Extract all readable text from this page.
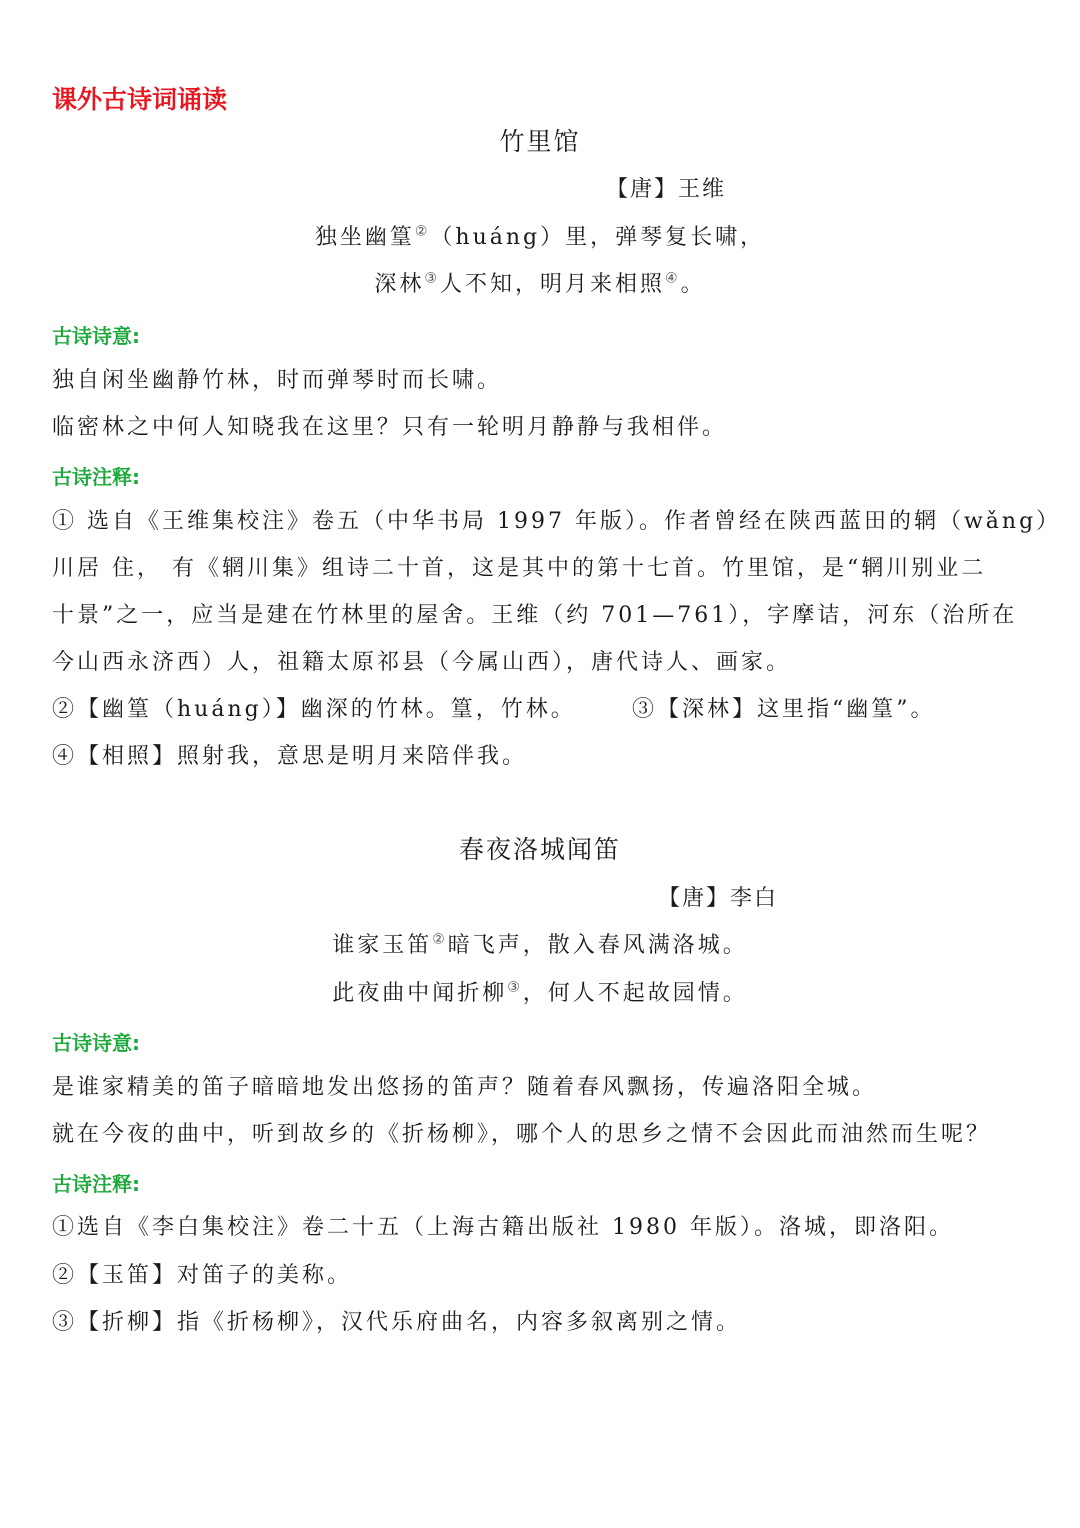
课外古诗词诵读
竹里馆
【唐】王维
独坐幽篁②（huáng）里，弹琴复长啸，
深林③人不知，明月来相照④。
古诗诗意:
独自闲坐幽静竹林，时而弹琴时而长啸。
临密林之中何人知晓我在这里？只有一轮明月静静与我相伴。
古诗注释:
① 选自《王维集校注》卷五（中华书局 1997 年版）。作者曾经在陕西蓝田的辋（wǎng）
川居 住， 有《辋川集》组诗二十首，这是其中的第十七首。竹里馆，是“辋川别业二
十景”之一，应当是建在竹林里的屋舍。王维（约 701—761），字摩诘，河东（治所在
今山西永济西）人，祖籍太原祁县（今属山西），唐代诗人、画家。
②【幽篁（huáng）】幽深的竹林。篁，竹林。	③【深林】这里指“幽篁”。
④【相照】照射我，意思是明月来陪伴我。
春夜洛城闻笛
【唐】李白
谁家玉笛②暗飞声，散入春风满洛城。
此夜曲中闻折柳③，何人不起故园情。
古诗诗意:
是谁家精美的笛子暗暗地发出悠扬的笛声？随着春风飘扬，传遍洛阳全城。
就在今夜的曲中，听到故乡的《折杨柳》，哪个人的思乡之情不会因此而油然而生呢？
古诗注释:
①选自《李白集校注》卷二十五（上海古籍出版社 1980 年版）。洛城，即洛阳。
②【玉笛】对笛子的美称。
③【折柳】指《折杨柳》，汉代乐府曲名，内容多叙离别之情。
